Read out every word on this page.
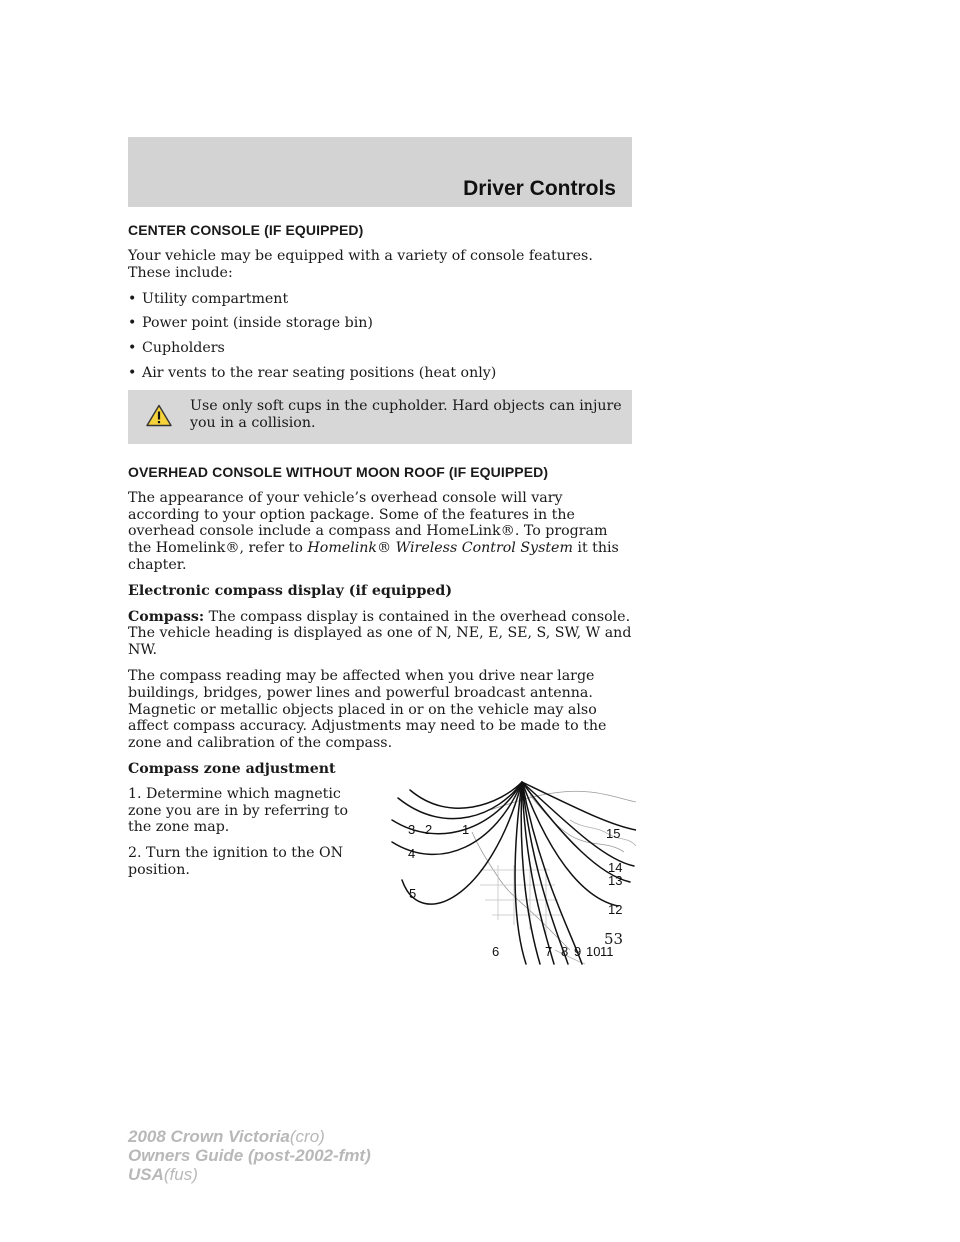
Driver Controls
CENTER CONSOLE (IF EQUIPPED)

Your vehicle may be equipped with a variety of console features. These include:

• Utility compartment
• Power point (inside storage bin)
• Cupholders
• Air vents to the rear seating positions (heat only)
Use only soft cups in the cupholder. Hard objects can injure you in a collision.
OVERHEAD CONSOLE WITHOUT MOON ROOF (IF EQUIPPED)

The appearance of your vehicle’s overhead console will vary according to your option package. Some of the features in the overhead console include a compass and HomeLink®. To program the Homelink®, refer to Homelink® Wireless Control System it this chapter.

Electronic compass display (if equipped)

Compass: The compass display is contained in the overhead console. The vehicle heading is displayed as one of N, NE, E, SE, S, SW, W and NW.

The compass reading may be affected when you drive near large buildings, bridges, power lines and powerful broadcast antenna. Magnetic or metallic objects placed in or on the vehicle may also affect compass accuracy. Adjustments may need to be made to the zone and calibration of the compass.

Compass zone adjustment

1. Determine which magnetic zone you are in by referring to the zone map.

2. Turn the ignition to the ON position.

3 2 1
4
5
6	7 8 9 10 11
12
13
14
15
53
2008 Crown Victoria(cro)
Owners Guide (post-2002-fmt)
USA(fus)
